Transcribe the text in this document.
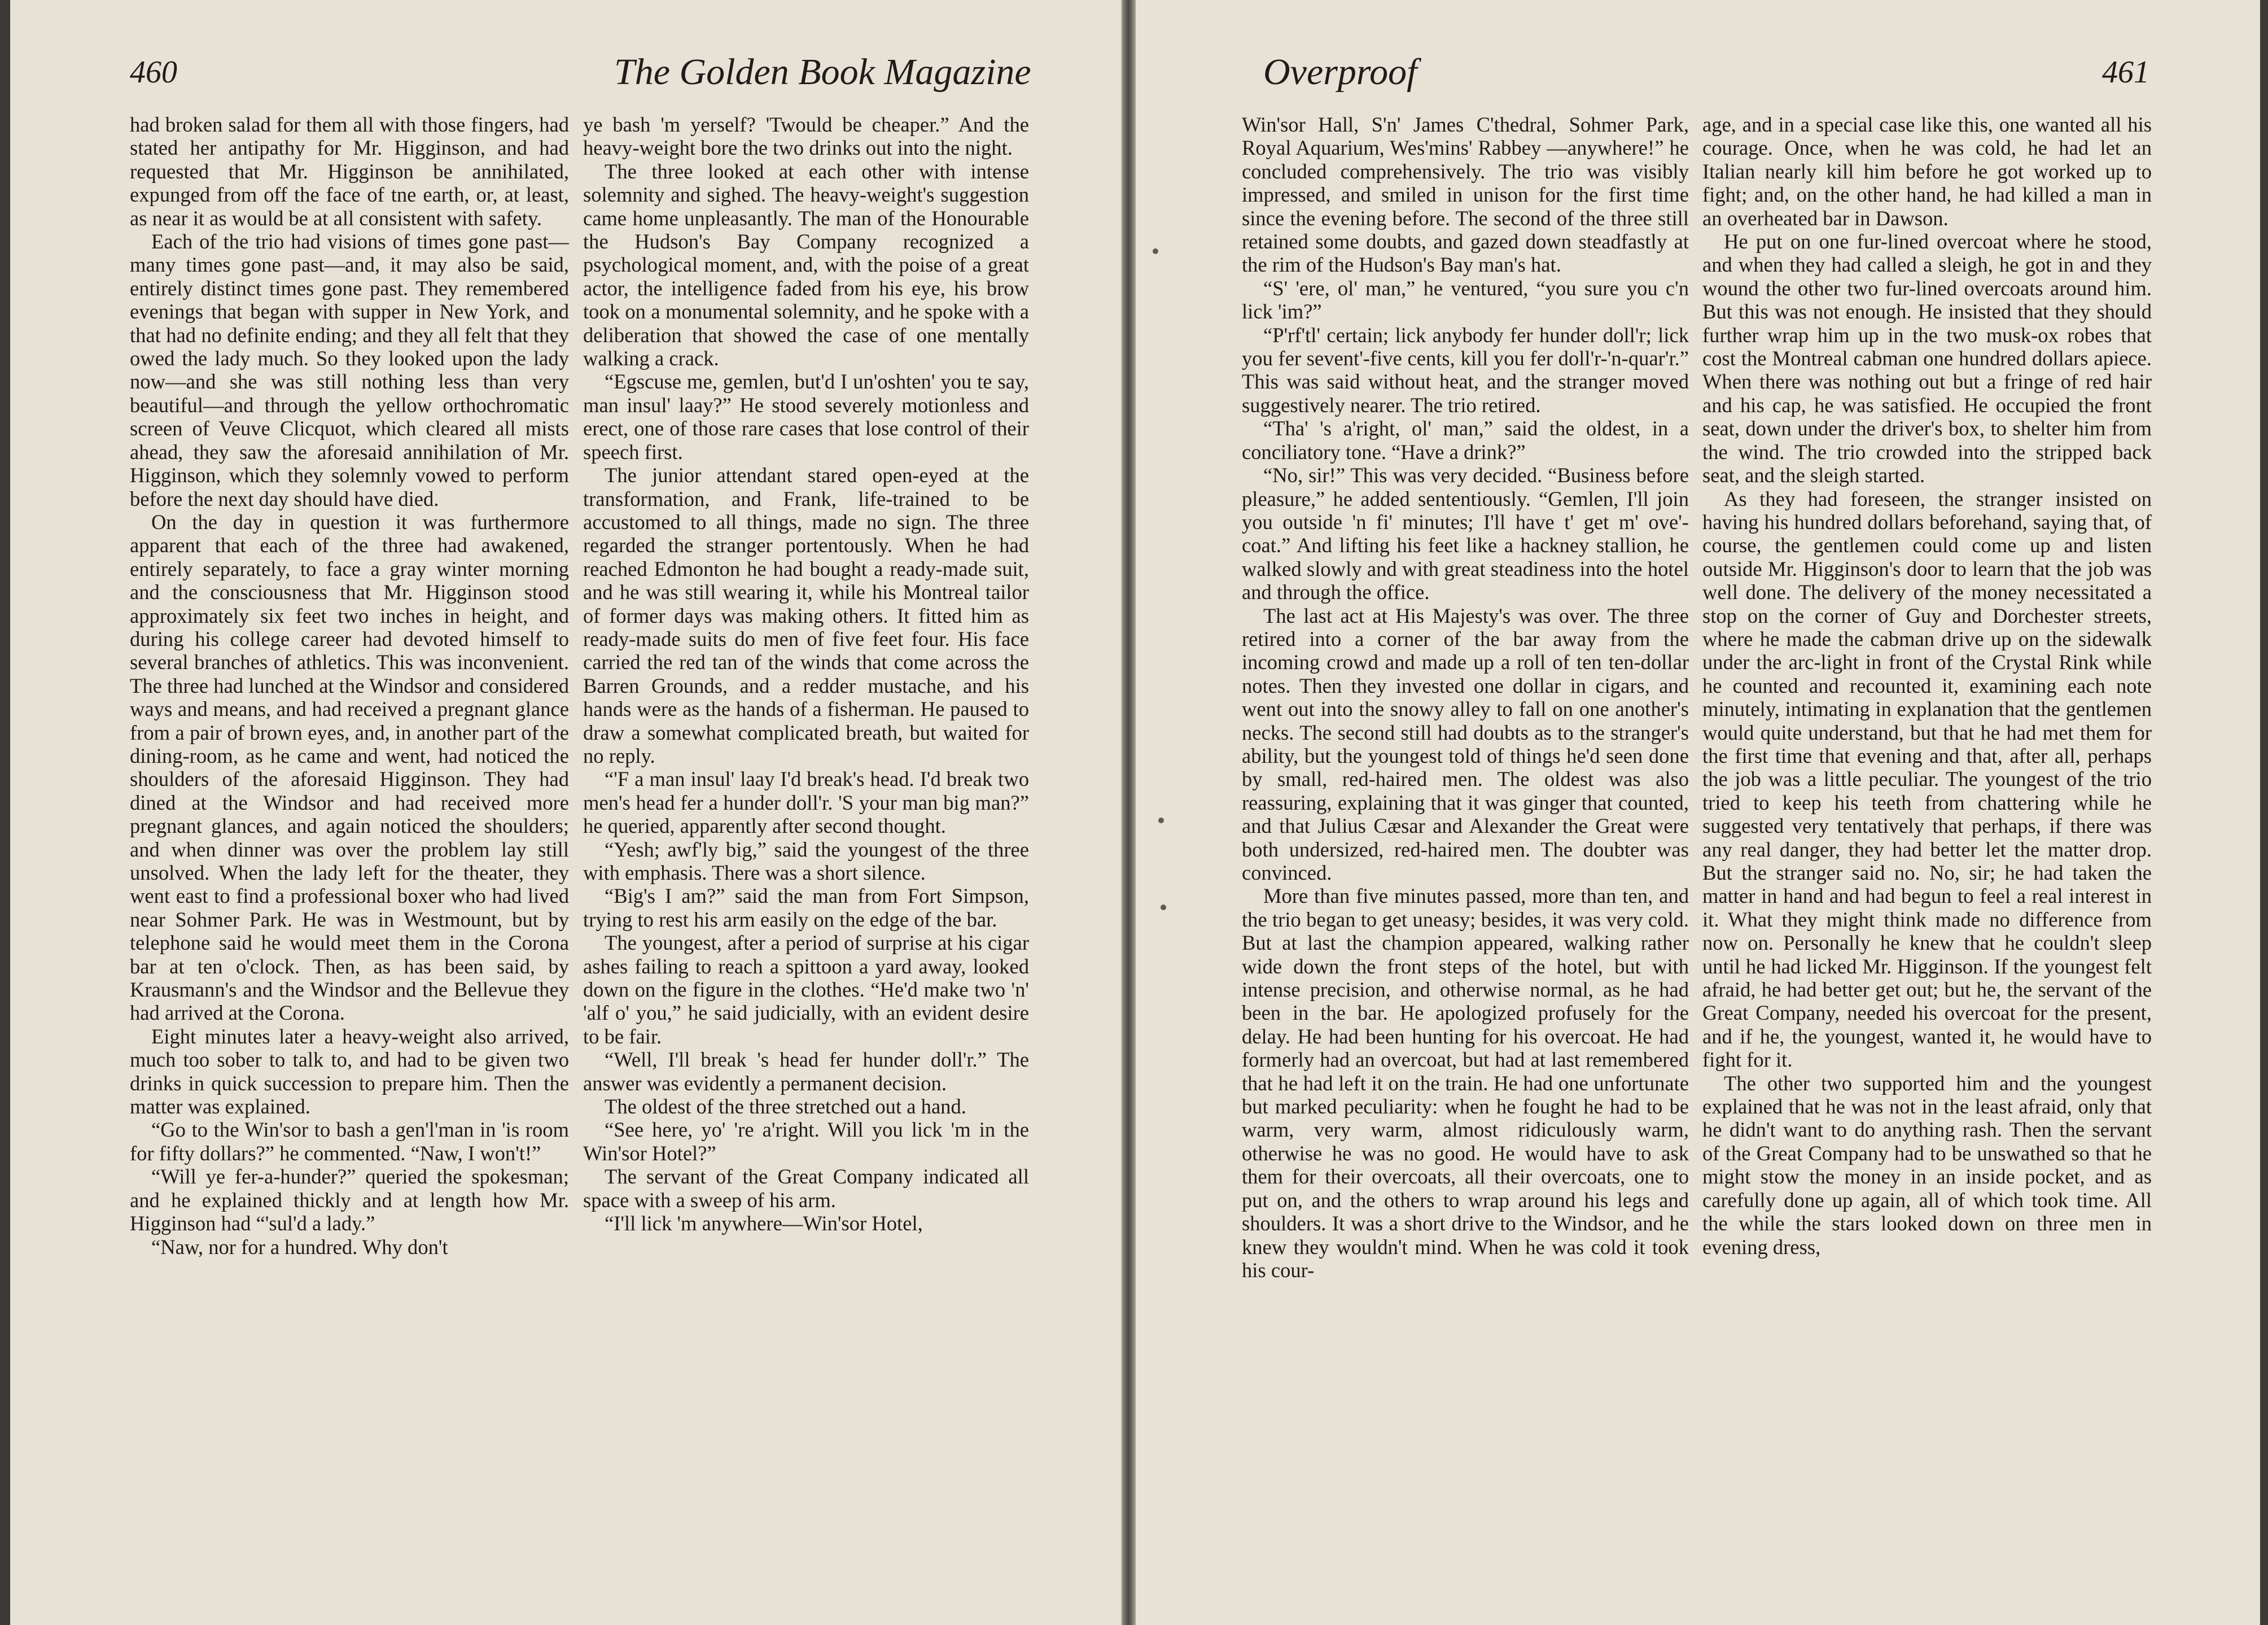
460	The Golden Book Magazine

had broken salad for them all with those fingers, had stated her antipathy for Mr. Higginson, and had requested that Mr. Higginson be annihilated, expunged from off the face of tne earth, or, at least, as near it as would be at all consistent with safety.

Each of the trio had visions of times gone past—many times gone past—and, it may also be said, entirely distinct times gone past. They remembered evenings that began with supper in New York, and that had no definite ending; and they all felt that they owed the lady much. So they looked upon the lady now—and she was still nothing less than very beautiful—and through the yellow orthochromatic screen of Veuve Clicquot, which cleared all mists ahead, they saw the aforesaid annihilation of Mr. Higginson, which they solemnly vowed to perform before the next day should have died.

On the day in question it was furthermore apparent that each of the three had awakened, entirely separately, to face a gray winter morning and the consciousness that Mr. Higginson stood approximately six feet two inches in height, and during his college career had devoted himself to several branches of athletics. This was inconvenient. The three had lunched at the Windsor and considered ways and means, and had received a pregnant glance from a pair of brown eyes, and, in another part of the dining-room, as he came and went, had noticed the shoulders of the aforesaid Higginson. They had dined at the Windsor and had received more pregnant glances, and again noticed the shoulders; and when dinner was over the problem lay still unsolved. When the lady left for the theater, they went east to find a professional boxer who had lived near Sohmer Park. He was in Westmount, but by telephone said he would meet them in the Corona bar at ten o'clock. Then, as has been said, by Krausmann's and the Windsor and the Bellevue they had arrived at the Corona.

Eight minutes later a heavy-weight also arrived, much too sober to talk to, and had to be given two drinks in quick succession to prepare him. Then the matter was explained.

“Go to the Win'sor to bash a gen'l'man in 'is room for fifty dollars?” he commented. “Naw, I won't!”

“Will ye fer-a-hunder?” queried the spokesman; and he explained thickly and at length how Mr. Higginson had “'sul'd a lady.”

“Naw, nor for a hundred. Why don't

ye bash 'm yerself? 'Twould be cheaper.” And the heavy-weight bore the two drinks out into the night.

The three looked at each other with intense solemnity and sighed. The heavy-weight's suggestion came home unpleasantly. The man of the Honourable the Hudson's Bay Company recognized a psychological moment, and, with the poise of a great actor, the intelligence faded from his eye, his brow took on a monumental solemnity, and he spoke with a deliberation that showed the case of one mentally walking a crack.

“Egscuse me, gemlen, but'd I un'oshten' you te say, man insul' laay?” He stood severely motionless and erect, one of those rare cases that lose control of their speech first.

The junior attendant stared open-eyed at the transformation, and Frank, life-trained to be accustomed to all things, made no sign. The three regarded the stranger portentously. When he had reached Edmonton he had bought a ready-made suit, and he was still wearing it, while his Montreal tailor of former days was making others. It fitted him as ready-made suits do men of five feet four. His face carried the red tan of the winds that come across the Barren Grounds, and a redder mustache, and his hands were as the hands of a fisherman. He paused to draw a somewhat complicated breath, but waited for no reply.

“'F a man insul' laay I'd break's head. I'd break two men's head fer a hunder doll'r. 'S your man big man?” he queried, apparently after second thought.

“Yesh; awf'ly big,” said the youngest of the three with emphasis. There was a short silence.

“Big's I am?” said the man from Fort Simpson, trying to rest his arm easily on the edge of the bar.

The youngest, after a period of surprise at his cigar ashes failing to reach a spittoon a yard away, looked down on the figure in the clothes. “He'd make two 'n' 'alf o' you,” he said judicially, with an evident desire to be fair.

“Well, I'll break 's head fer hunder doll'r.” The answer was evidently a permanent decision.

The oldest of the three stretched out a hand.

“See here, yo' 're a'right. Will you lick 'm in the Win'sor Hotel?”

The servant of the Great Company indicated all space with a sweep of his arm.

“I'll lick 'm anywhere—Win'sor Hotel,

Overproof	461

Win'sor Hall, S'n' James C'thedral, Sohmer Park, Royal Aquarium, Wes'mins' Rabbey —anywhere!” he concluded comprehensively. The trio was visibly impressed, and smiled in unison for the first time since the evening before. The second of the three still retained some doubts, and gazed down steadfastly at the rim of the Hudson's Bay man's hat.

“S' 'ere, ol' man,” he ventured, “you sure you c'n lick 'im?”

“P'rf'tl' certain; lick anybody fer hunder doll'r; lick you fer sevent'-five cents, kill you fer doll'r-'n-quar'r.” This was said without heat, and the stranger moved suggestively nearer. The trio retired.

“Tha' 's a'right, ol' man,” said the oldest, in a conciliatory tone. “Have a drink?”

“No, sir!” This was very decided. “Business before pleasure,” he added sententiously. “Gemlen, I'll join you outside 'n fi' minutes; I'll have t' get m' ove'-coat.” And lifting his feet like a hackney stallion, he walked slowly and with great steadiness into the hotel and through the office.

The last act at His Majesty's was over. The three retired into a corner of the bar away from the incoming crowd and made up a roll of ten ten-dollar notes. Then they invested one dollar in cigars, and went out into the snowy alley to fall on one another's necks. The second still had doubts as to the stranger's ability, but the youngest told of things he'd seen done by small, red-haired men. The oldest was also reassuring, explaining that it was ginger that counted, and that Julius Cæsar and Alexander the Great were both undersized, red-haired men. The doubter was convinced.

More than five minutes passed, more than ten, and the trio began to get uneasy; besides, it was very cold. But at last the champion appeared, walking rather wide down the front steps of the hotel, but with intense precision, and otherwise normal, as he had been in the bar. He apologized profusely for the delay. He had been hunting for his overcoat. He had formerly had an overcoat, but had at last remembered that he had left it on the train. He had one unfortunate but marked peculiarity: when he fought he had to be warm, very warm, almost ridiculously warm, otherwise he was no good. He would have to ask them for their overcoats, all their overcoats, one to put on, and the others to wrap around his legs and shoulders. It was a short drive to the Windsor, and he knew they wouldn't mind. When he was cold it took his cour-

age, and in a special case like this, one wanted all his courage. Once, when he was cold, he had let an Italian nearly kill him before he got worked up to fight; and, on the other hand, he had killed a man in an overheated bar in Dawson.

He put on one fur-lined overcoat where he stood, and when they had called a sleigh, he got in and they wound the other two fur-lined overcoats around him. But this was not enough. He insisted that they should further wrap him up in the two musk-ox robes that cost the Montreal cabman one hundred dollars apiece. When there was nothing out but a fringe of red hair and his cap, he was satisfied. He occupied the front seat, down under the driver's box, to shelter him from the wind. The trio crowded into the stripped back seat, and the sleigh started.

As they had foreseen, the stranger insisted on having his hundred dollars beforehand, saying that, of course, the gentlemen could come up and listen outside Mr. Higginson's door to learn that the job was well done. The delivery of the money necessitated a stop on the corner of Guy and Dorchester streets, where he made the cabman drive up on the sidewalk under the arc-light in front of the Crystal Rink while he counted and recounted it, examining each note minutely, intimating in explanation that the gentlemen would quite understand, but that he had met them for the first time that evening and that, after all, perhaps the job was a little peculiar. The youngest of the trio tried to keep his teeth from chattering while he suggested very tentatively that perhaps, if there was any real danger, they had better let the matter drop. But the stranger said no. No, sir; he had taken the matter in hand and had begun to feel a real interest in it. What they might think made no difference from now on. Personally he knew that he couldn't sleep until he had licked Mr. Higginson. If the youngest felt afraid, he had better get out; but he, the servant of the Great Company, needed his overcoat for the present, and if he, the youngest, wanted it, he would have to fight for it.

The other two supported him and the youngest explained that he was not in the least afraid, only that he didn't want to do anything rash. Then the servant of the Great Company had to be unswathed so that he might stow the money in an inside pocket, and as carefully done up again, all of which took time. All the while the stars looked down on three men in evening dress,
